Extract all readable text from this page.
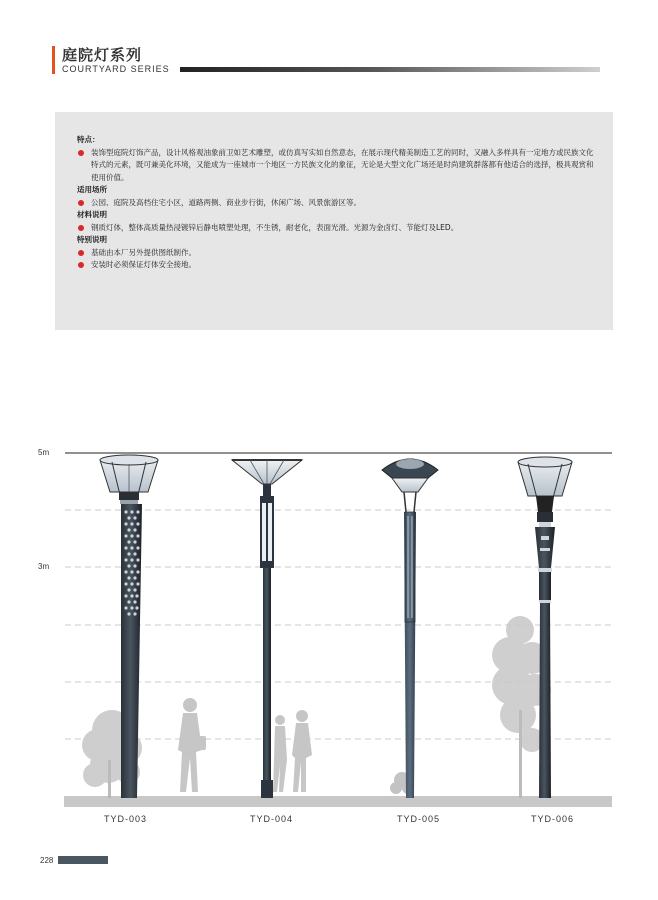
庭院灯系列
COURTYARD SERIES
特点：
装饰型庭院灯饰产品，设计风格观油象前卫如艺术雕塑，或仿真写实如自然意态，在展示现代精美制造工艺的同时，又融入多样具有一定地方或民族文化特式的元素，既可兼美化环境，又能成为一座城市一个地区一方民族文化的象征，无论是大型文化广场还是时尚建筑群落都有他适合的选择，极具观赏和使用价值。
适用场所
公园、庭院及高档住宅小区，道路两侧、商业步行街，休闲广场、风景旅游区等。
材料说明
钢质灯体，整体高质量热浸镀锌后静电喷塑处理，不生锈，耐老化，表面光滑。光源为金卤灯、节能灯及LED。
特别说明
基础由本厂另外提供图纸制作。
安装时必须保证灯体安全接地。
5m
3m
TYD-003	TYD-004	TYD-005	TYD-006
228
